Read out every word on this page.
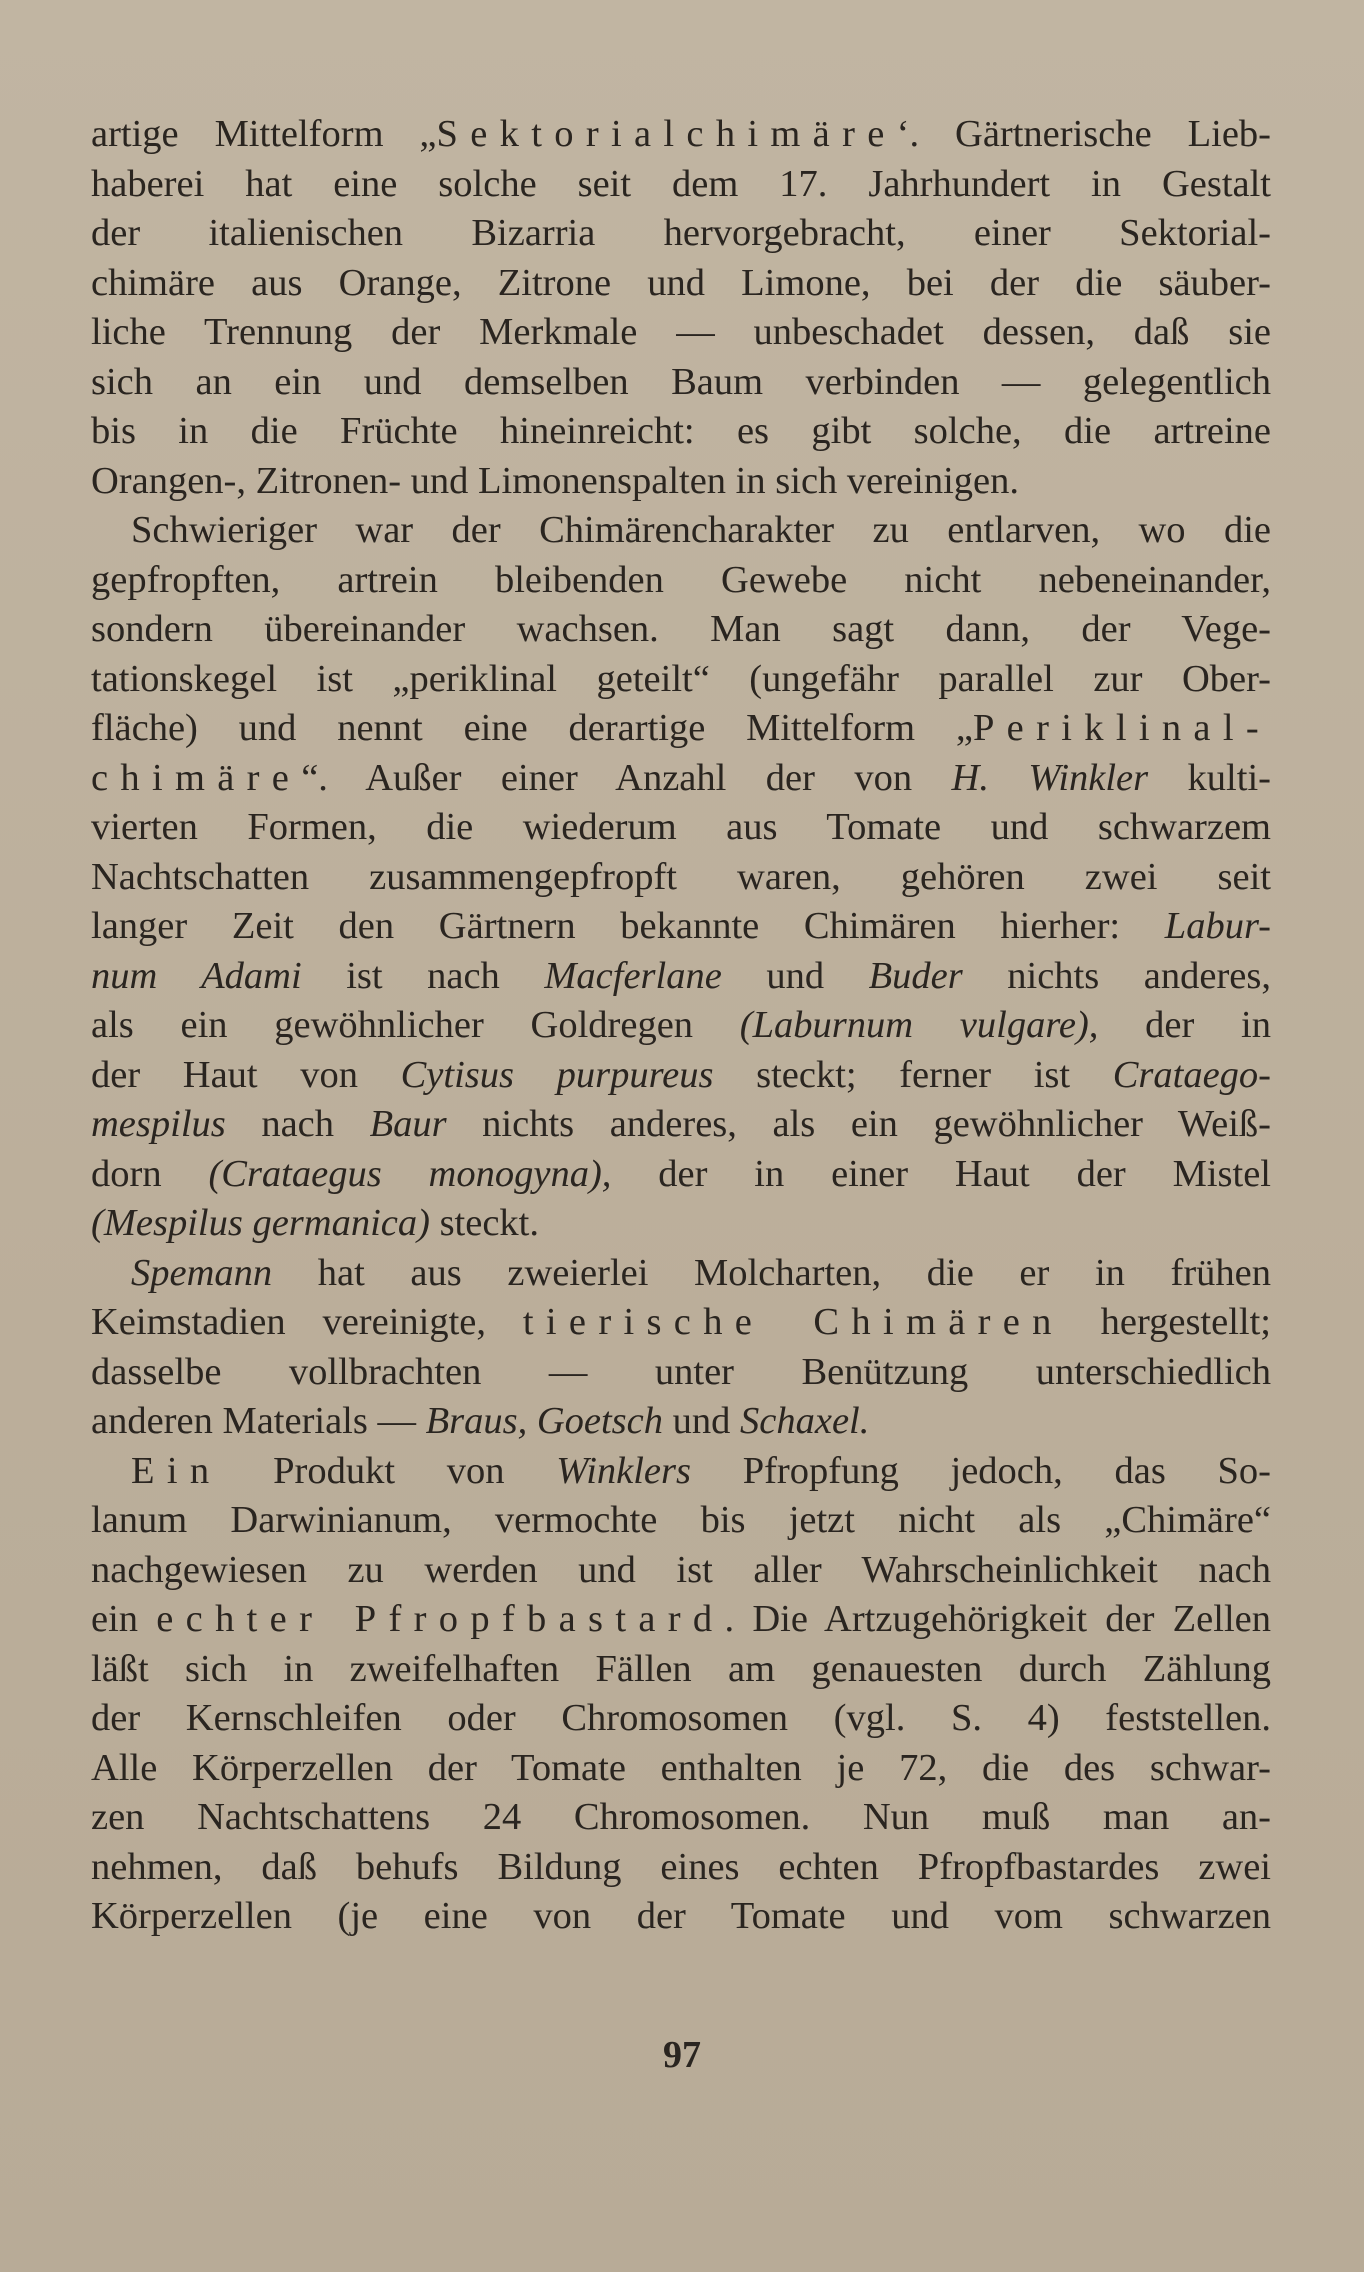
artige Mittelform „Sektorialchimäre‘. Gärtnerische Lieb-
haberei hat eine solche seit dem 17. Jahrhundert in Gestalt
der italienischen Bizarria hervorgebracht, einer Sektorial-
chimäre aus Orange, Zitrone und Limone, bei der die säuber-
liche Trennung der Merkmale — unbeschadet dessen, daß sie
sich an ein und demselben Baum verbinden — gelegentlich
bis in die Früchte hineinreicht: es gibt solche, die artreine
Orangen-, Zitronen- und Limonenspalten in sich vereinigen.
Schwieriger war der Chimärencharakter zu entlarven, wo die
gepfropften, artrein bleibenden Gewebe nicht nebeneinander,
sondern übereinander wachsen. Man sagt dann, der Vege-
tationskegel ist „periklinal geteilt“ (ungefähr parallel zur Ober-
fläche) und nennt eine derartige Mittelform „Periklinal-
chimäre“. Außer einer Anzahl der von H. Winkler kulti-
vierten Formen, die wiederum aus Tomate und schwarzem
Nachtschatten zusammengepfropft waren, gehören zwei seit
langer Zeit den Gärtnern bekannte Chimären hierher: Labur-
num Adami ist nach Macferlane und Buder nichts anderes,
als ein gewöhnlicher Goldregen (Laburnum vulgare), der in
der Haut von Cytisus purpureus steckt; ferner ist Crataego-
mespilus nach Baur nichts anderes, als ein gewöhnlicher Weiß-
dorn (Crataegus monogyna), der in einer Haut der Mistel
(Mespilus germanica) steckt.
Spemann hat aus zweierlei Molcharten, die er in frühen
Keimstadien vereinigte, tierische Chimären hergestellt;
dasselbe vollbrachten — unter Benützung unterschiedlich
anderen Materials — Braus, Goetsch und Schaxel.
Ein Produkt von Winklers Pfropfung jedoch, das So-
lanum Darwinianum, vermochte bis jetzt nicht als „Chimäre“
nachgewiesen zu werden und ist aller Wahrscheinlichkeit nach
ein echter Pfropfbastard. Die Artzugehörigkeit der Zellen
läßt sich in zweifelhaften Fällen am genauesten durch Zählung
der Kernschleifen oder Chromosomen (vgl. S. 4) feststellen.
Alle Körperzellen der Tomate enthalten je 72, die des schwar-
zen Nachtschattens 24 Chromosomen. Nun muß man an-
nehmen, daß behufs Bildung eines echten Pfropfbastardes zwei
Körperzellen (je eine von der Tomate und vom schwarzen
97
